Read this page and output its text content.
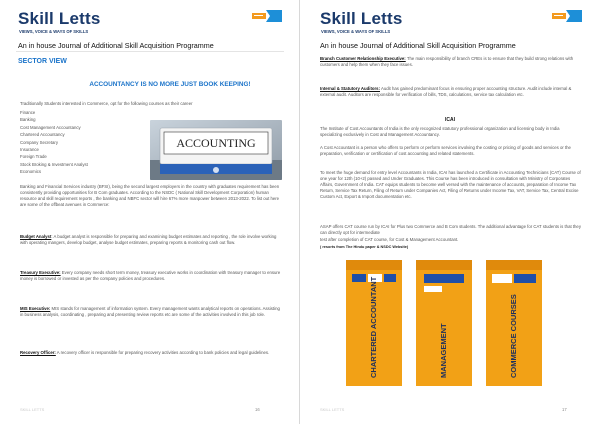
Skill Letts
VIEWS, VOICE & WAYS OF SKILLS
An in house Journal of Additional Skill Acquisition Programme
SECTOR VIEW
ACCOUNTANCY IS NO MORE JUST BOOK KEEPING!

Traditionally Students interested in Commerce, opt for the following courses as their career

Finance
Banking
Cost Management Accountancy
Chartered Accountancy
Company Secretary
Insurance
Foreign Trade
Stock Broking & Investment Analyst
Economics
ACCOUNTING

Banking and Financial Services industry (BFSI), being the second largest employers in the country with graduates requirement has been consistently providing opportunities for B Com graduates. According to the NSDC ( National Skill Development Corporation) human resource and skill requirement reports , the banking and NBFC sector will hire 67% more manpower between 2013-2022. To list out here are some of the offbeat avenues in Commerce:

Budget Analyst: A budget analyst is responsible for preparing and examining budget estimates and reporting , the role involve working with operating mangers, develop budget, analyse budget estimates, preparing reports & monitoring cash out flow.

Treasury Executive: Every company needs short term money, treasury executive works in coordination with treasury manager to ensure money is borrowed or invested as per the company policies and procedures.

MIS Executive: MIS stands for management of information system. Every management wants analytical reports on operations. Assisting in business analysis, coordinating , preparing and presenting review reports etc are some of the activities involved in this job role.

Recovery Officer: A recovery officer is responsible for preparing recovery activities according to bank policies and legal guidelines.

SKILL LETTS	16
Skill Letts
VIEWS, VOICE & WAYS OF SKILLS
An in house Journal of Additional Skill Acquisition Programme

Branch Customer Relationship Executive: The main responsibility of branch CREs is to ensure that they build strong relations with customers and help them when they face issues.

Internal & Statutory Auditors: Audit has gained predominant focus in ensuring proper accounting structure. Audit include internal & external audit. Auditors are responsible for verification of bills, TDS, calculations, service tax calculation etc.

The Institute of Cost Accountants of India is the only recognized statutory professional organization and licensing body in India specializing exclusively in Cost and Management Accountancy.

A Cost Accountant is a person who offers to perform or perform services involving the costing or pricing of goods and services or the preparation, verification or certification of cost accounting and related statements.

To meet the huge demand for entry level Accountants in India, ICAI has launched a Certificate in Accounting Technicians (CAT) Course of one year for 12th (10+2) passed and Under Graduates. This Course has been introduced in consultation with Ministry of Corporates Affairs, Government of India. CAT equips students to become well versed with the maintenance of accounts, preparation of Income Tax Return, Service Tax Return, Filing of Return under Companies Act, Filing of Returns under Income Tax, VAT, Service Tax, Central Excise Custom Act, Export & Import documentation etc.

ASAP offers CAT course run by ICAI for Plus two Commerce and B Com students. The additional advantage for CAT students is that they can directly opt for intermediate

test after completion of CAT course, for Cost & Management Accountant.

( resorts from The Hindu paper & NSDC Website)

CHARTERED ACCOUNTANT	MANAGEMENT	COMMERCE COURSES
SKILL LETTS	17
ICAI
